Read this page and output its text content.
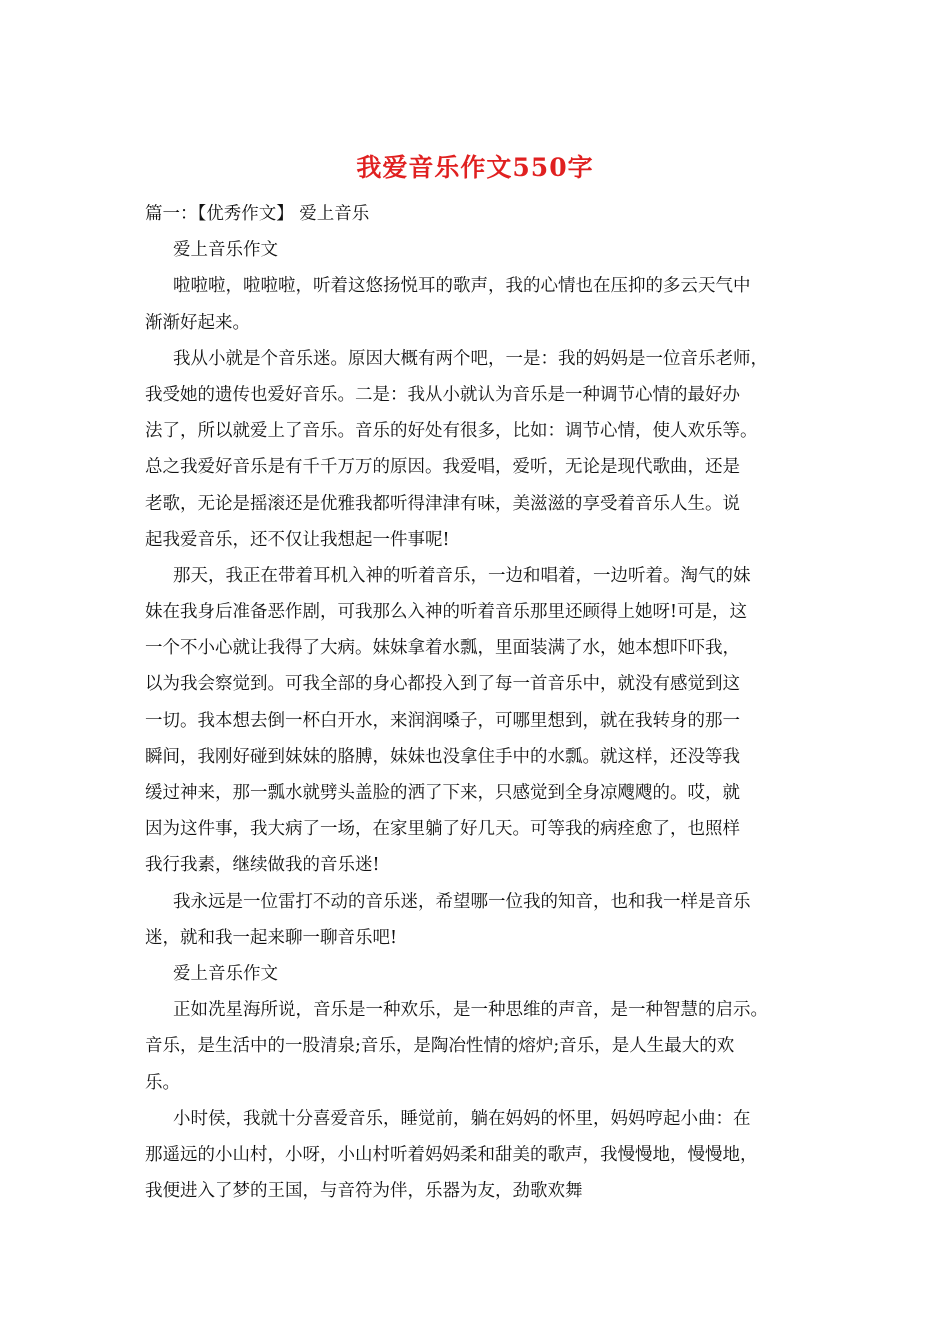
我爱音乐作文550字
篇一：【优秀作文】 爱上音乐
爱上音乐作文
啦啦啦，啦啦啦，听着这悠扬悦耳的歌声，我的心情也在压抑的多云天气中
渐渐好起来。
我从小就是个音乐迷。原因大概有两个吧，一是：我的妈妈是一位音乐老师，
我受她的遗传也爱好音乐。二是：我从小就认为音乐是一种调节心情的最好办
法了，所以就爱上了音乐。音乐的好处有很多，比如：调节心情，使人欢乐等。
总之我爱好音乐是有千千万万的原因。我爱唱，爱听，无论是现代歌曲，还是
老歌，无论是摇滚还是优雅我都听得津津有味，美滋滋的享受着音乐人生。说
起我爱音乐，还不仅让我想起一件事呢!
那天，我正在带着耳机入神的听着音乐，一边和唱着，一边听着。淘气的妹
妹在我身后准备恶作剧，可我那么入神的听着音乐那里还顾得上她呀!可是，这
一个不小心就让我得了大病。妹妹拿着水瓢，里面装满了水，她本想吓吓我，
以为我会察觉到。可我全部的身心都投入到了每一首音乐中，就没有感觉到这
一切。我本想去倒一杯白开水，来润润嗓子，可哪里想到，就在我转身的那一
瞬间，我刚好碰到妹妹的胳膊，妹妹也没拿住手中的水瓢。就这样，还没等我
缓过神来，那一瓢水就劈头盖脸的洒了下来，只感觉到全身凉飕飕的。哎，就
因为这件事，我大病了一场，在家里躺了好几天。可等我的病痊愈了，也照样
我行我素，继续做我的音乐迷!
我永远是一位雷打不动的音乐迷，希望哪一位我的知音，也和我一样是音乐
迷，就和我一起来聊一聊音乐吧!
爱上音乐作文
正如冼星海所说，音乐是一种欢乐，是一种思维的声音，是一种智慧的启示。
音乐，是生活中的一股清泉;音乐，是陶冶性情的熔炉;音乐，是人生最大的欢
乐。
小时侯，我就十分喜爱音乐，睡觉前，躺在妈妈的怀里，妈妈哼起小曲：在
那遥远的小山村，小呀，小山村听着妈妈柔和甜美的歌声，我慢慢地，慢慢地，
我便进入了梦的王国，与音符为伴，乐器为友，劲歌欢舞
